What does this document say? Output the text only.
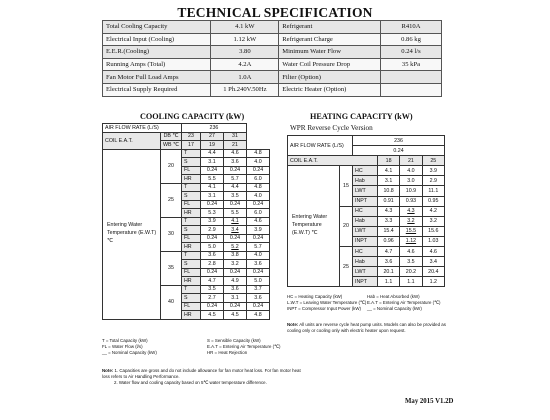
TECHNICAL SPECIFICATION
Total Cooling Capacity	4.1 kW	Refrigerant	R410A
Electrical Input (Cooling)	1.12 kW	Refrigerant Charge	0.86 kg
E.E.R.(Cooling)	3.80	Minimum Water Flow	0.24 l/s
Running Amps (Total)	4.2A	Water Coil Pressure Drop	35 kPa
Fan Motor Full Load Amps	1.0A	Filter (Option)	
Electrical Supply Required	1 Ph.240V.50Hz	Electric Heater (Option)	
COOLING CAPACITY (kW)	HEATING CAPACITY (kW)
AIR FLOW RATE (L/S)		236			
COIL E.A.T.	DB ℃	23	27	31	
	WB ℃	17	19	21	
Entering Water Temperature (E.W.T) ℃	20	T	4.4	4.6	4.8
		S	3.1	3.6	4.0
		FL	0.24	0.24	0.24
		HR	5.5	5.7	6.0
	25	T	4.1	4.4	4.8
		S	3.1	3.5	4.0
		FL	0.24	0.24	0.24
		HR	5.3	5.5	6.0
	30	T	3.9	4.1	4.6
		S	2.9	3.4	3.9
		FL	0.24	0.24	0.24
		HR	5.0	5.2	5.7
	35	T	3.6	3.8	4.0
		S	2.8	3.2	3.6
		FL	0.24	0.24	0.24
		HR	4.7	4.9	5.0
	40	T	3.5	3.6	3.7
		S	2.7	3.1	3.6
		FL	0.24	0.24	0.24
		HR	4.5	4.5	4.8
WPR Reverse Cycle Version
AIR FLOW RATE (L/S)		236			
		0.24			
COIL E.A.T.			18	21	25
Entering Water Temperature (E.W.T) ℃	15	HC	4.1	4.0	3.9
		Hab	3.1	3.0	2.9
		LWT	10.8	10.9	11.1
		INPT	0.91	0.93	0.95
	20	HC	4.3	4.3	4.2
		Hab	3.3	3.2	3.2
		LWT	15.4	15.5	15.6
		INPT	0.96	1.12	1.03
	25	HC	4.7	4.6	4.6
		Hab	3.6	3.5	3.4
		LWT	20.1	20.2	20.4
		INPT	1.1	1.1	1.2
T = Total Capacity (kW)	S = Sensible Capacity (kW)
FL = Water Flow (l/s)	E.A.T = Entering Air Temperature (℃)
__ = Nominal Capacity (kW)	HR = Heat Rejection
Note: 1. Capacities are gross and do not include allowance for fan motor heat loss. For fan motor heat loss refers to Air Handling Performance.
2. Water flow and cooling capacity based on 5℃ water temperature difference.
HC = Heating Capacity (kW)	Hab = Heat Absorbed (kW)
L.W.T = Leaving Water Temperature (℃) E.A.T = Entering Air Temperature (℃)
INPT = Compressor Input Power (kW)	__ = Nominal Capacity (kW)
Note: All units are reverse cycle heat pump units. Models can also be provided as cooling only or cooling only with electric heater upon request.
May 2015 V1.2D
